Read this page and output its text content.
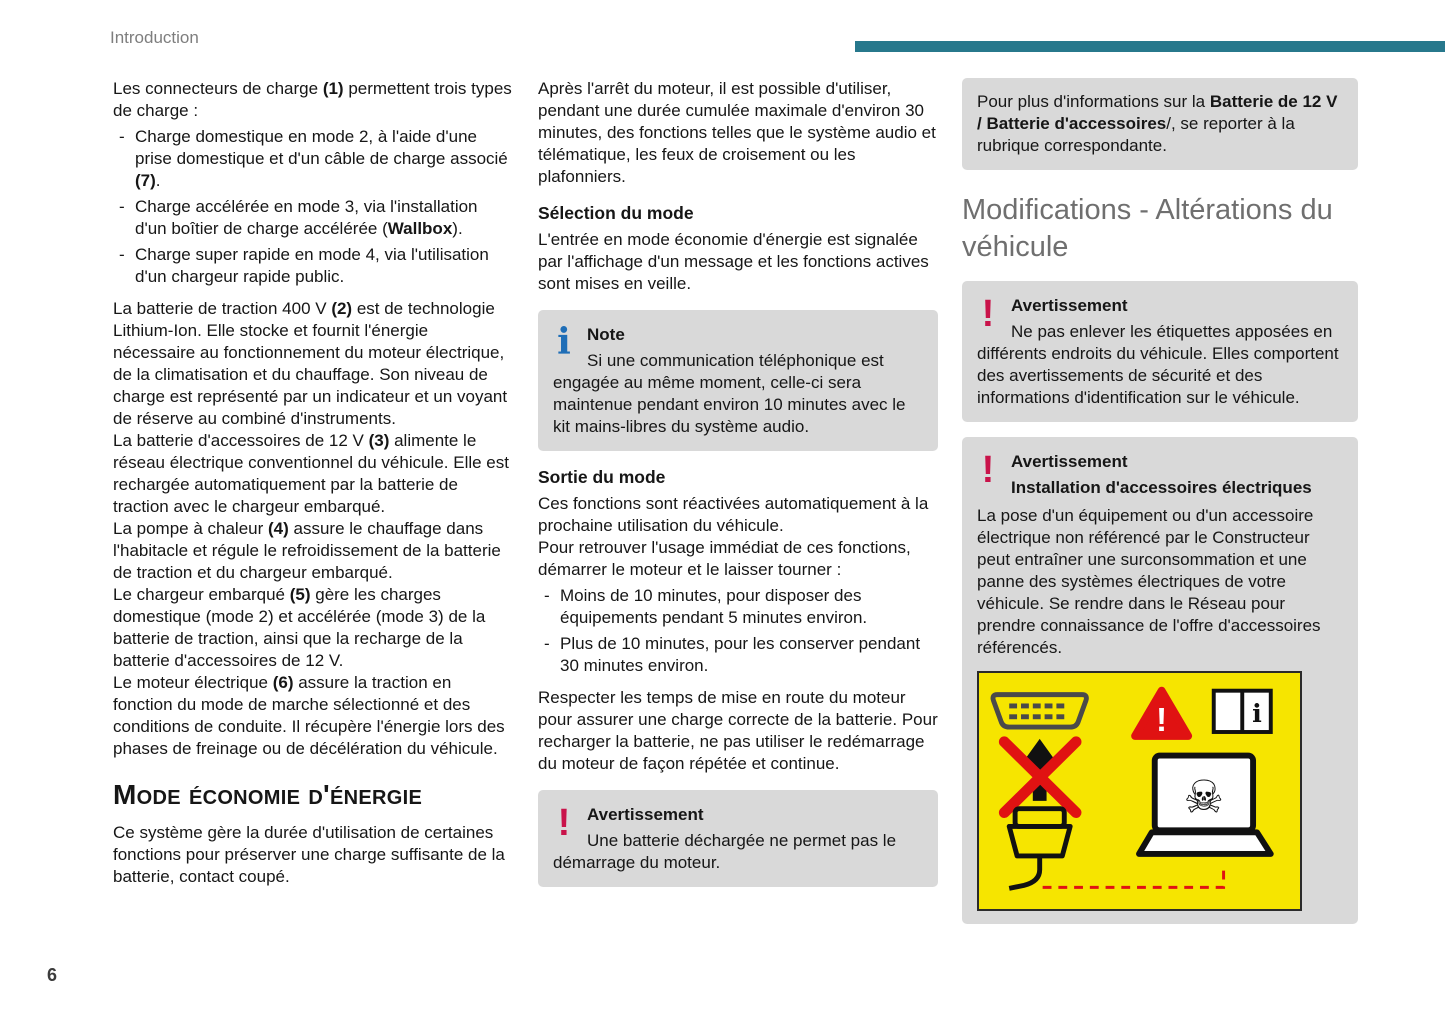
Introduction

Les connecteurs de charge (1) permettent trois types de charge :

- Charge domestique en mode 2, à l'aide d'une prise domestique et d'un câble de charge associé (7).
- Charge accélérée en mode 3, via l'installation d'un boîtier de charge accélérée (Wallbox).
- Charge super rapide en mode 4, via l'utilisation d'un chargeur rapide public.

La batterie de traction 400 V (2) est de technologie Lithium-Ion. Elle stocke et fournit l'énergie nécessaire au fonctionnement du moteur électrique, de la climatisation et du chauffage. Son niveau de charge est représenté par un indicateur et un voyant de réserve au combiné d'instruments.

La batterie d'accessoires de 12 V (3) alimente le réseau électrique conventionnel du véhicule. Elle est rechargée automatiquement par la batterie de traction avec le chargeur embarqué.

La pompe à chaleur (4) assure le chauffage dans l'habitacle et régule le refroidissement de la batterie de traction et du chargeur embarqué.

Le chargeur embarqué (5) gère les charges domestique (mode 2) et accélérée (mode 3) de la batterie de traction, ainsi que la recharge de la batterie d'accessoires de 12 V.

Le moteur électrique (6) assure la traction en fonction du mode de marche sélectionné et des conditions de conduite. Il récupère l'énergie lors des phases de freinage ou de décélération du véhicule.

Mode économie d'énergie

Ce système gère la durée d'utilisation de certaines fonctions pour préserver une charge suffisante de la batterie, contact coupé.

Après l'arrêt du moteur, il est possible d'utiliser, pendant une durée cumulée maximale d'environ 30 minutes, des fonctions telles que le système audio et télématique, les feux de croisement ou les plafonniers.

Sélection du mode

L'entrée en mode économie d'énergie est signalée par l'affichage d'un message et les fonctions actives sont mises en veille.

i Note
Si une communication téléphonique est engagée au même moment, celle-ci sera maintenue pendant environ 10 minutes avec le kit mains-libres du système audio.
Sortie du mode

Ces fonctions sont réactivées automatiquement à la prochaine utilisation du véhicule.

Pour retrouver l'usage immédiat de ces fonctions, démarrer le moteur et le laisser tourner :

- Moins de 10 minutes, pour disposer des équipements pendant 5 minutes environ.
- Plus de 10 minutes, pour les conserver pendant 30 minutes environ.

Respecter les temps de mise en route du moteur pour assurer une charge correcte de la batterie. Pour recharger la batterie, ne pas utiliser le redémarrage du moteur de façon répétée et continue.

! Avertissement
Une batterie déchargée ne permet pas le démarrage du moteur.
Pour plus d'informations sur la Batterie de 12 V / Batterie d'accessoires/, se reporter à la rubrique correspondante.
Modifications - Altérations du véhicule
! Avertissement
Ne pas enlever les étiquettes apposées en différents endroits du véhicule. Elles comportent des avertissements de sécurité et des informations d'identification sur le véhicule.
! Avertissement
Installation d'accessoires électriques
La pose d'un équipement ou d'un accessoire électrique non référencé par le Constructeur peut entraîner une surconsommation et une panne des systèmes électriques de votre véhicule. Se rendre dans le Réseau pour prendre connaissance de l'offre d'accessoires référencés.
!	i
☠
6
